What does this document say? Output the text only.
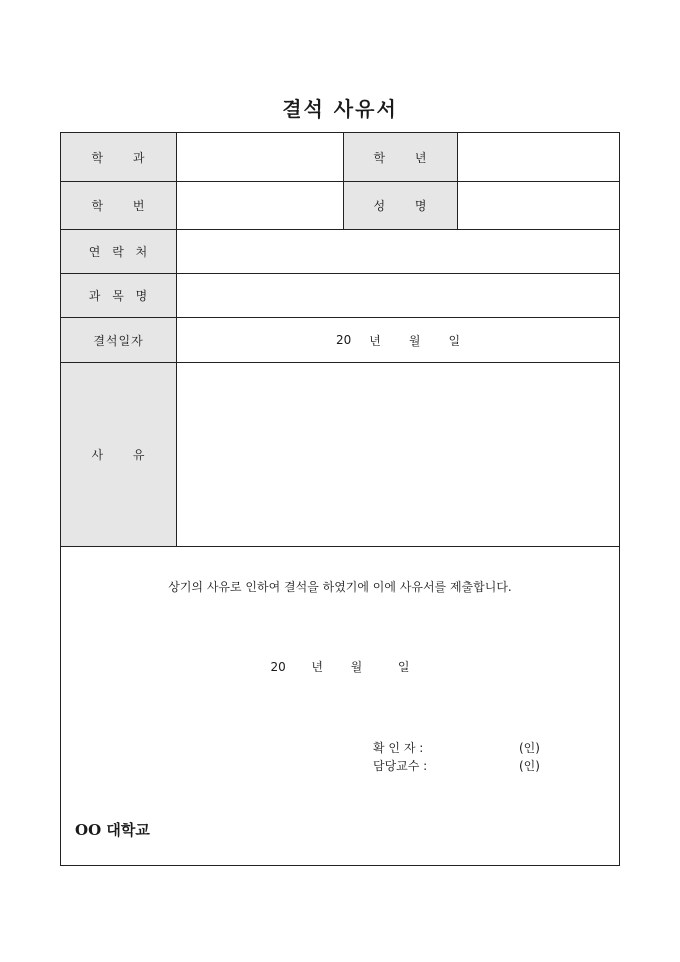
결석 사유서
학 과	학 년
학 번	성 명
연 락 처
과 목 명
결석일자	20 년 월 일
사 유
상기의 사유로 인하여 결석을 하였기에 이에 사유서를 제출합니다.
20 년 월	일
확 인 자 :	(인)
담당교수 :	(인)
OO 대학교
